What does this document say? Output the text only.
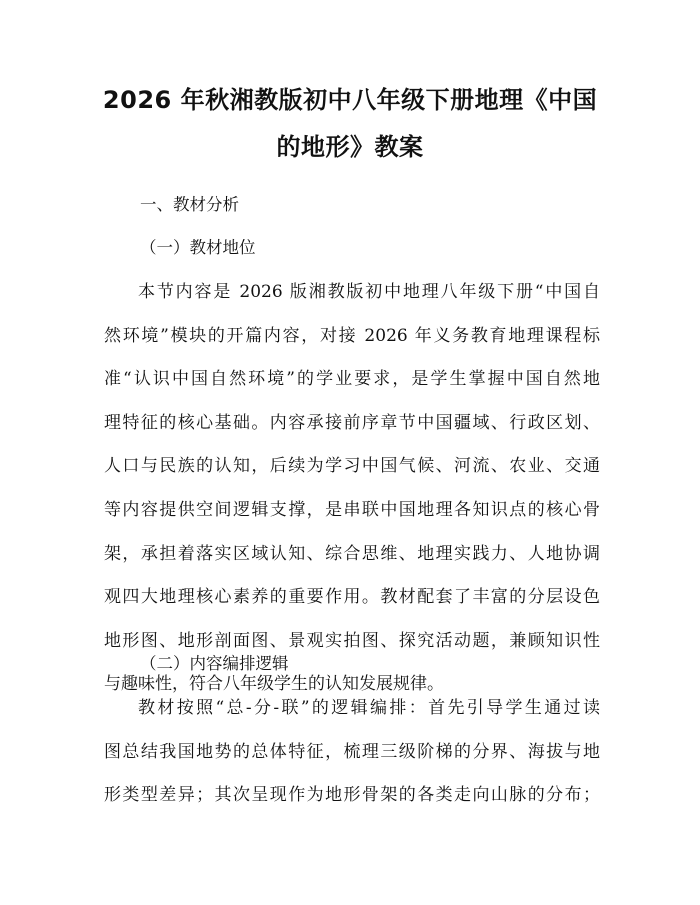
2026 年秋湘教版初中八年级下册地理《中国
的地形》教案
一、教材分析
（一）教材地位
本节内容是 2026 版湘教版初中地理八年级下册“中国自
然环境”模块的开篇内容，对接 2026 年义务教育地理课程标
准“认识中国自然环境”的学业要求，是学生掌握中国自然地
理特征的核心基础。内容承接前序章节中国疆域、行政区划、
人口与民族的认知，后续为学习中国气候、河流、农业、交通
等内容提供空间逻辑支撑，是串联中国地理各知识点的核心骨
架，承担着落实区域认知、综合思维、地理实践力、人地协调
观四大地理核心素养的重要作用。教材配套了丰富的分层设色
地形图、地形剖面图、景观实拍图、探究活动题，兼顾知识性
与趣味性，符合八年级学生的认知发展规律。
（二）内容编排逻辑
教材按照“总-分-联”的逻辑编排：首先引导学生通过读
图总结我国地势的总体特征，梳理三级阶梯的分界、海拔与地
形类型差异；其次呈现作为地形骨架的各类走向山脉的分布；
